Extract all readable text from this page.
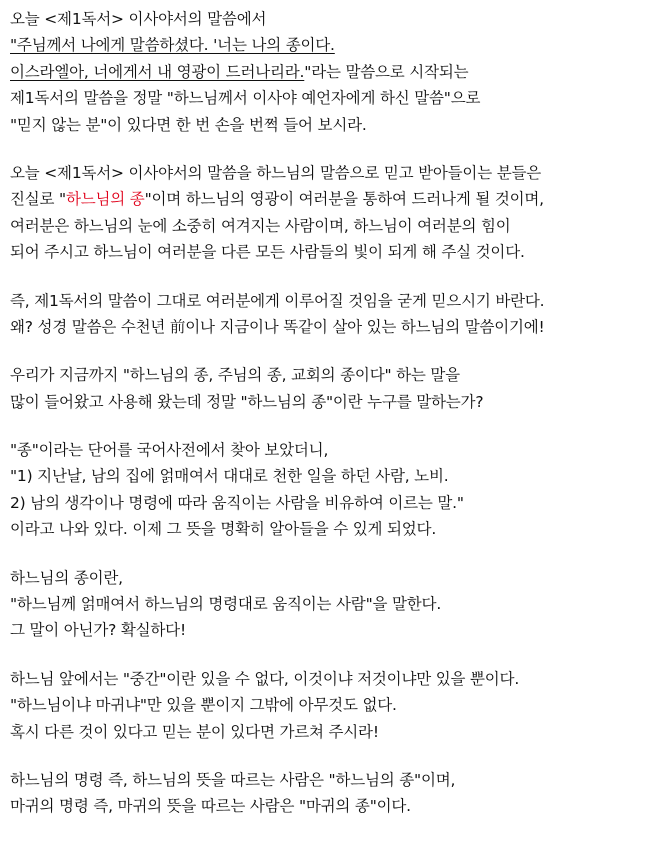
오늘 <제1독서> 이사야서의 말씀에서
"주님께서 나에게 말씀하셨다. '너는 나의 종이다.
이스라엘아, 너에게서 내 영광이 드러나리라."라는 말씀으로 시작되는
제1독서의 말씀을 정말 "하느님께서 이사야 예언자에게 하신 말씀"으로
"믿지 않는 분"이 있다면 한 번 손을 번쩍 들어 보시라.
오늘 <제1독서> 이사야서의 말씀을 하느님의 말씀으로 믿고 받아들이는 분들은
진실로 "하느님의 종"이며 하느님의 영광이 여러분을 통하여 드러나게 될 것이며,
여러분은 하느님의 눈에 소중히 여겨지는 사람이며, 하느님이 여러분의 힘이
되어 주시고 하느님이 여러분을 다른 모든 사람들의 빛이 되게 해 주실 것이다.
즉, 제1독서의 말씀이 그대로 여러분에게 이루어질 것임을 굳게 믿으시기 바란다.
왜? 성경 말씀은 수천년 前이나 지금이나 똑같이 살아 있는 하느님의 말씀이기에!
우리가 지금까지 "하느님의 종, 주님의 종, 교회의 종이다" 하는 말을
많이 들어왔고 사용해 왔는데 정말 "하느님의 종"이란 누구를 말하는가?
"종"이라는 단어를 국어사전에서 찾아 보았더니,
"1) 지난날, 남의 집에 얽매여서 대대로 천한 일을 하던 사람, 노비.
2) 남의 생각이나 명령에 따라 움직이는 사람을 비유하여 이르는 말."
이라고 나와 있다. 이제 그 뜻을 명확히 알아들을 수 있게 되었다.
하느님의 종이란,
"하느님께 얽매여서 하느님의 명령대로 움직이는 사람"을 말한다.
그 말이 아닌가? 확실하다!
하느님 앞에서는 "중간"이란 있을 수 없다, 이것이냐 저것이냐만 있을 뿐이다.
"하느님이냐 마귀냐"만 있을 뿐이지 그밖에 아무것도 없다.
혹시 다른 것이 있다고 믿는 분이 있다면 가르쳐 주시라!
하느님의 명령 즉, 하느님의 뜻을 따르는 사람은 "하느님의 종"이며,
마귀의 명령 즉, 마귀의 뜻을 따르는 사람은 "마귀의 종"이다.
